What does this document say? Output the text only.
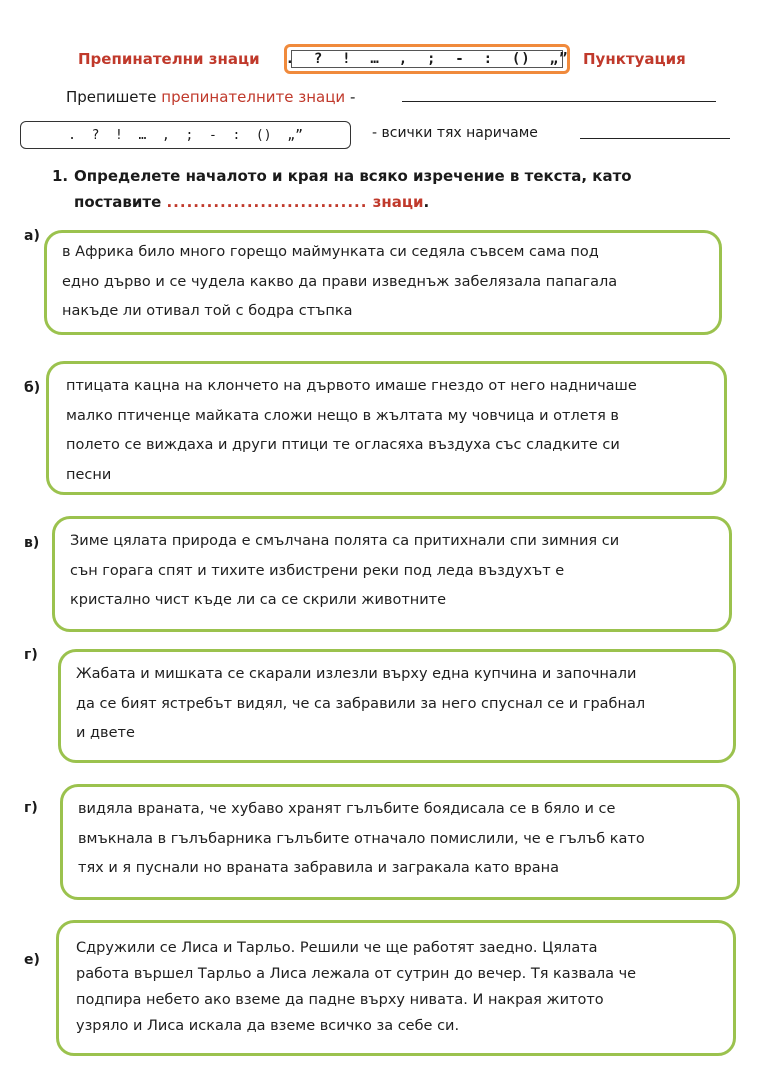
Препинателни знаци .  ?  !  …  ,  ;  -  :  ()  „” Пунктуация
Препишете препинателните знаци -
.  ?  !  …  ,  ;  -  :  ()  „”	- всички тях наричаме
1. Определете началото и края на всяко изречение в текста, като
поставите .............................. знаци.
а)
в Африка било много горещо маймунката си седяла съвсем сама под
едно дърво и се чудела какво да прави изведнъж забелязала папагала
накъде ли отивал той с бодра стъпка
б) птицата кацна на клончето на дървото имаше гнездо от него надничаше
малко птиченце майката сложи нещо в жълтата му човчица и отлетя в
полето се виждаха и други птици те огласяха въздуха със сладките си
песни
в) Зиме цялата природа е смълчана полята са притихнали спи зимния си
сън горага спят и тихите избистрени реки под леда въздухът е
кристално чист къде ли са се скрили животните
г)
Жабата и мишката се скарали излезли върху една купчина и започнали
да се бият ястребът видял, че са забравили за него спуснал се и грабнал
и двете
г)	видяла враната, че хубаво хранят гълъбите боядисала се в бяло и се
вмъкнала в гълъбарника гълъбите отначало помислили, че е гълъб като
тях и я пуснали но враната забравила и загракала като врана
е)
Сдружили се Лиса и Тарльо. Решили че ще работят заедно. Цялата
работа вършел Тарльо а Лиса лежала от сутрин до вечер. Тя казвала че
подпира небето ако вземе да падне върху нивата. И накрая житото
узряло и Лиса искала да вземе всичко за себе си.
